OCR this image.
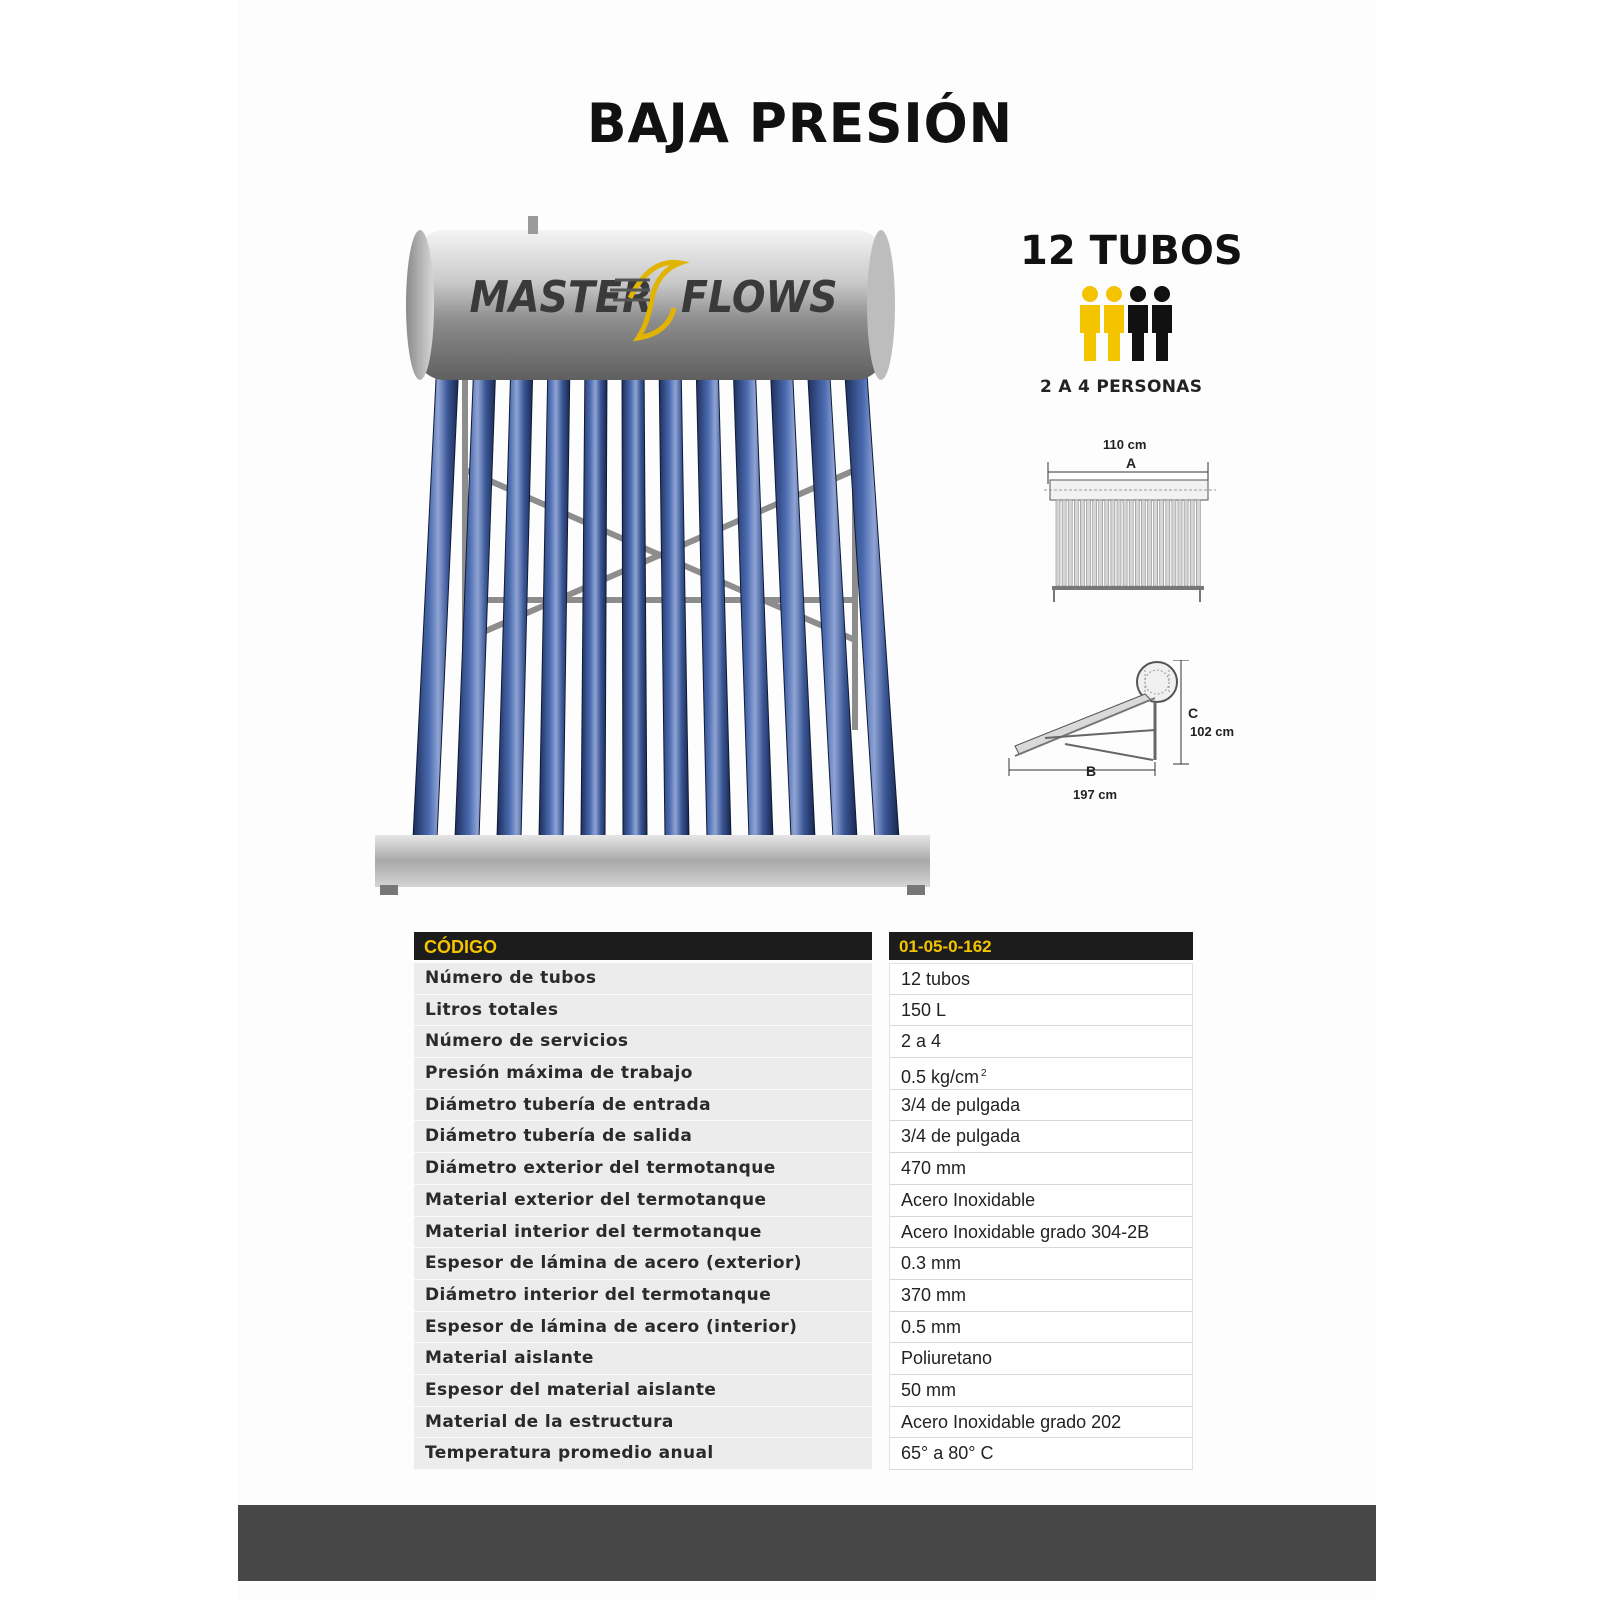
BAJA PRESIÓN
MASTER FLOWS
12 TUBOS
2 A 4 PERSONAS
110 cm
A
C
102 cm
B
197 cm
CÓDIGO
Número de tubos
Litros totales
Número de servicios
Presión máxima de trabajo
Diámetro tubería de entrada
Diámetro tubería de salida
Diámetro exterior del termotanque
Material exterior del termotanque
Material interior del termotanque
Espesor de lámina de acero (exterior)
Diámetro interior del termotanque
Espesor de lámina de acero (interior)
Material aislante
Espesor del material aislante
Material de la estructura
Temperatura promedio anual
01-05-0-162
12 tubos
150 L
2 a 4
0.5 kg/cm $^2$
3/4 de pulgada
3/4 de pulgada
470 mm
Acero Inoxidable
Acero Inoxidable grado 304-2B
0.3 mm
370 mm
0.5 mm
Poliuretano
50 mm
Acero Inoxidable grado 202
65° a 80° C
